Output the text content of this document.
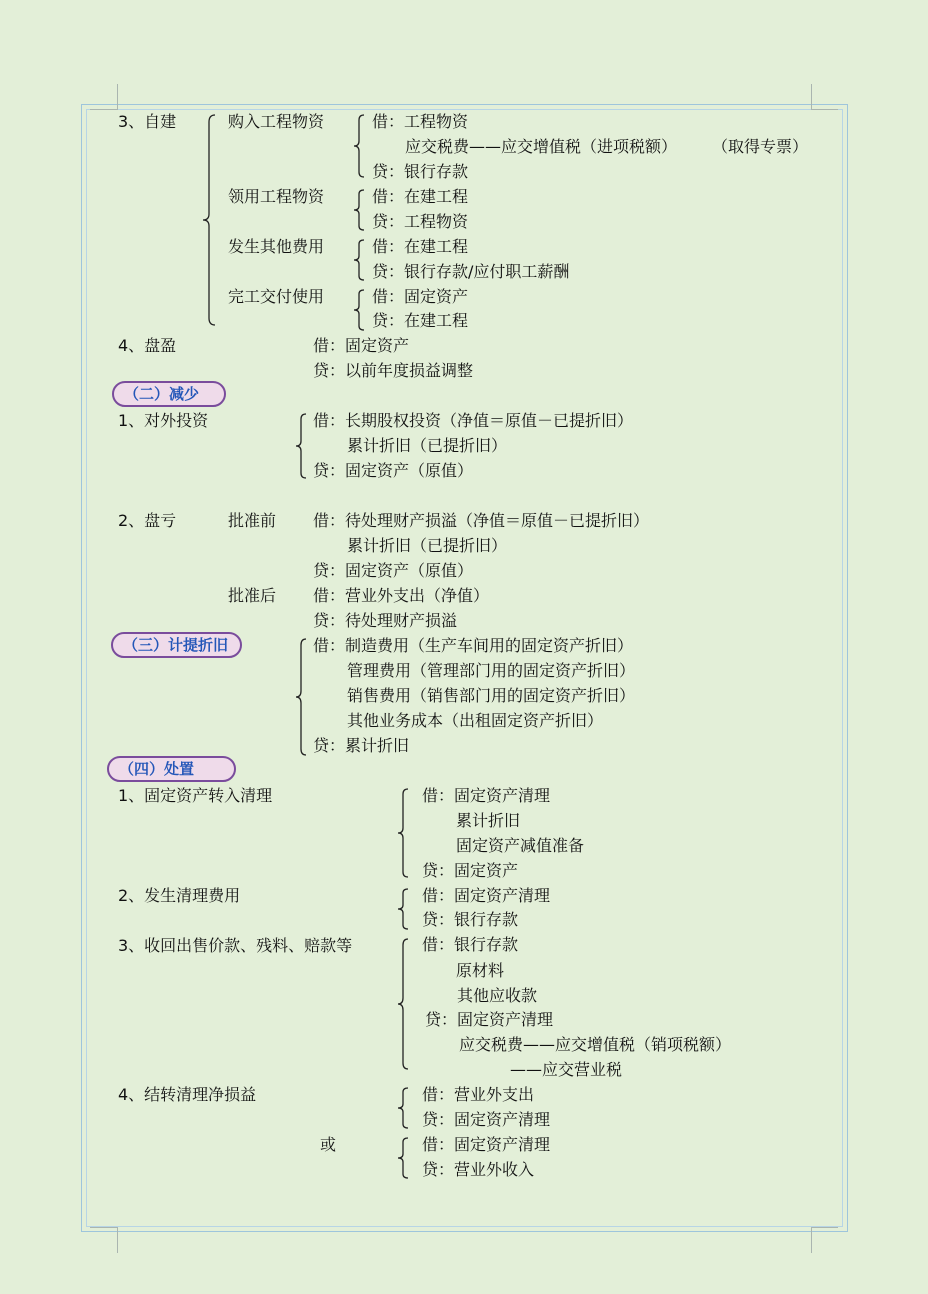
3、自建	购入工程物资	借：工程物资
应交税费——应交增值税（进项税额） （取得专票）
贷：银行存款
领用工程物资	借：在建工程
贷：工程物资
发生其他费用	借：在建工程
贷：银行存款/应付职工薪酬
完工交付使用	借：固定资产
贷：在建工程
4、盘盈	借：固定资产
贷：以前年度损益调整
（二）减少
1、对外投资	借：长期股权投资（净值＝原值－已提折旧）
累计折旧（已提折旧）
贷：固定资产（原值）
2、盘亏	批准前 借：待处理财产损溢（净值＝原值－已提折旧）
累计折旧（已提折旧）
贷：固定资产（原值）
批准后 借：营业外支出（净值）
贷：待处理财产损溢
（三）计提折旧	借：制造费用（生产车间用的固定资产折旧）
管理费用（管理部门用的固定资产折旧）
销售费用（销售部门用的固定资产折旧）
其他业务成本（出租固定资产折旧）
贷：累计折旧
（四）处置
1、固定资产转入清理	借：固定资产清理
累计折旧
固定资产减值准备
贷：固定资产
2、发生清理费用	借：固定资产清理
贷：银行存款
3、收回出售价款、残料、赔款等	借：银行存款
原材料
其他应收款
贷：固定资产清理
应交税费——应交增值税（销项税额）
——应交营业税
4、结转清理净损益	借：营业外支出
贷：固定资产清理
或	借：固定资产清理
贷：营业外收入
